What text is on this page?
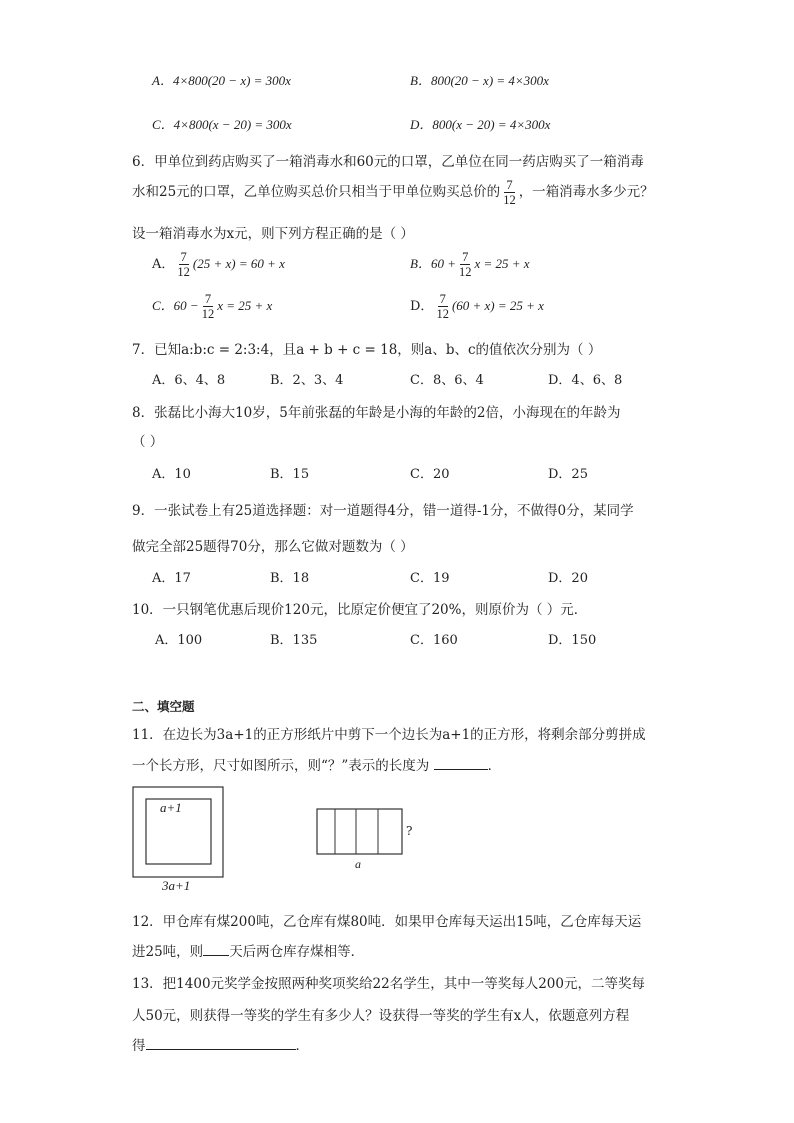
A．4×800(20 − x) = 300x	B．800(20 − x) = 4×300x
C．4×800(x − 20) = 300x	D．800(x − 20) = 4×300x
6．甲单位到药店购买了一箱消毒水和60元的口罩，乙单位在同一药店购买了一箱消毒
水和25元的口罩，乙单位购买总价只相当于甲单位购买总价的 $\frac{7}{12}$ ，一箱消毒水多少元？
设一箱消毒水为x元，则下列方程正确的是（ ）
A． $\frac{7}{12} (25 + x) = 60 + x$	B．$60 + \frac{7}{12}$ x = 25 + x
C．$60 - \frac{7}{12}$ x = 25 + x	D． $\frac{7}{12} (60 + x) = 25 + x$
7．已知a:b:c = 2:3:4，且a + b + c = 18，则a、b、c的值依次分别为（ ）
A．6、4、8	B．2、3、4	C．8、6、4	D．4、6、8
8．张磊比小海大10岁，5年前张磊的年龄是小海的年龄的2倍，小海现在的年龄为
（ ）
A．10	B．15	C．20	D．25
9．一张试卷上有25道选择题：对一道题得4分，错一道得-1分，不做得0分，某同学
做完全部25题得70分，那么它做对题数为（ ）
A．17	B．18	C．19	D．20
10．一只钢笔优惠后现价120元，比原定价便宜了20%，则原价为（ ）元．
A．100	B．135	C．160	D．150
二、填空题
11．在边长为3a+1的正方形纸片中剪下一个边长为a+1的正方形，将剩余部分剪拼成
一个长方形，尺寸如图所示，则“？”表示的长度为	．
a+1
3a+1
a
?
12．甲仓库有煤200吨，乙仓库有煤80吨．如果甲仓库每天运出15吨，乙仓库每天运
进25吨，则 天后两仓库存煤相等．
13．把1400元奖学金按照两种奖项奖给22名学生，其中一等奖每人200元，二等奖每
人50元，则获得一等奖的学生有多少人？设获得一等奖的学生有x人，依题意列方程
得	．
